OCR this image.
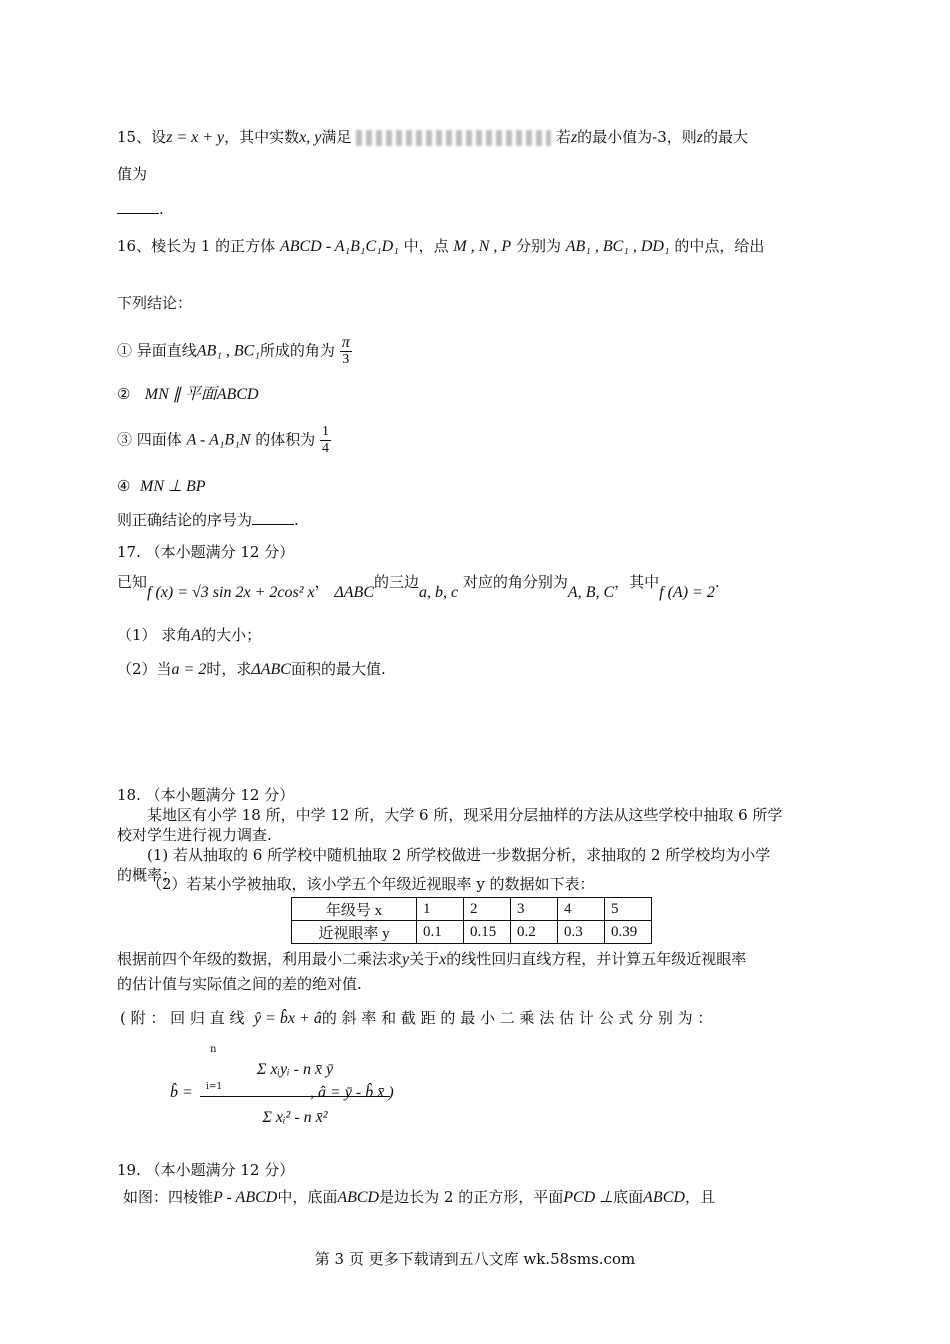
15、设z = x + y，其中实数x, y满足	若z的最小值为-3，则z的最大
值为
.
16、棱长为 1 的正方体 ABCD - A₁B₁C₁D₁ 中，点 M , N , P 分别为 AB₁ , BC₁ , DD₁ 的中点，给出
下列结论：
① 异面直线AB₁ , BC₁所成的角为 $\frac{\pi}{3}$
② MN ∥ 平面ABCD
③ 四面体 A - A₁B₁N 的体积为 $\frac{1}{4}$
④ MN ⊥ BP
则正确结论的序号为	.
17. （本小题满分 12 分）
已知f (x) = √3 sin 2x + 2cos² x， ΔABC的三边a, b, c 对应的角分别为A, B, C，其中f (A) = 2.
（1） 求角A的大小；
（2）当a = 2时，求ΔABC面积的最大值.
18. （本小题满分 12 分）
某地区有小学 18 所，中学 12 所，大学 6 所，现采用分层抽样的方法从这些学校中抽取 6 所学
校对学生进行视力调查.
(1) 若从抽取的 6 所学校中随机抽取 2 所学校做进一步数据分析，求抽取的 2 所学校均为小学
的概率；
（2）若某小学被抽取，该小学五个年级近视眼率 y 的数据如下表：
年级号 x	1	2	3	4	5
近视眼率 y	0.1	0.15	0.2	0.3	0.39
根据前四个年级的数据，利用最小二乘法求y关于x的线性回归直线方程，并计算五年级近视眼率
的估计值与实际值之间的差的绝对值.
( 附 ： 回 归 直 线 ŷ = b̂x + â的 斜 率 和 截 距 的 最 小 二 乘 法 估 计 公 式 分 别 为 ：
b̂ =
n
Σ xᵢyᵢ - n x̄ ȳ
i=1
Σ xᵢ² - n x̄²
, â = ȳ - b̂ x̄ )
19. （本小题满分 12 分）
如图：四棱锥P - ABCD中，底面ABCD是边长为 2 的正方形，平面PCD ⊥底面ABCD，且
第 3 页 更多下载请到五八文库 wk.58sms.com
